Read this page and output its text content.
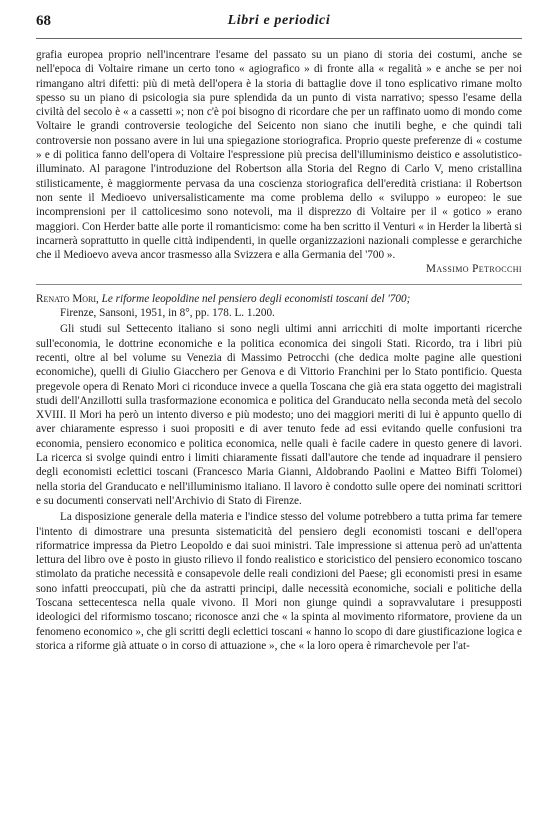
68	Libri e periodici

grafia europea proprio nell'incentrare l'esame del passato su un piano di storia dei costumi, anche se nell'epoca di Voltaire rimane un certo tono « agiografico » di fronte alla « regalità » e anche se per noi rimangano altri difetti: più di metà dell'opera è la storia di battaglie dove il tono esplicativo rimane molto spesso su un piano di psicologia sia pure splendida da un punto di vista narrativo; spesso l'esame della civiltà del secolo è « a cassetti »; non c'è poi bisogno di ricordare che per un raffinato uomo di mondo come Voltaire le grandi controversie teologiche del Seicento non siano che inutili beghe, e che quindi tali controversie non possano avere in lui una spiegazione storiografica. Proprio queste preferenze di « costume » e di politica fanno dell'opera di Voltaire l'espressione più precisa dell'illuminismo deistico e assolutistico-illuminato. Al paragone l'introduzione del Robertson alla Storia del Regno di Carlo V, meno cristallina stilisticamente, è maggiormente pervasa da una coscienza storiografica dell'eredità cristiana: il Robertson non sente il Medioevo universalisticamente ma come problema dello « sviluppo » europeo: le sue incomprensioni per il cattolicesimo sono notevoli, ma il disprezzo di Voltaire per il « gotico » erano maggiori. Con Herder batte alle porte il romanticismo: come ha ben scritto il Venturi « in Herder la libertà si incarnerà soprattutto in quelle città indipendenti, in quelle organizzazioni nazionali complesse e gerarchiche che il Medioevo aveva ancor trasmesso alla Svizzera e alla Germania del '700 ».

Massimo Petrocchi

Renato Mori, Le riforme leopoldine nel pensiero degli economisti toscani del '700;
Firenze, Sansoni, 1951, in 8°, pp. 178. L. 1.200.

Gli studi sul Settecento italiano si sono negli ultimi anni arricchiti di molte importanti ricerche sull'economia, le dottrine economiche e la politica economica dei singoli Stati. Ricordo, tra i libri più recenti, oltre al bel volume su Venezia di Massimo Petrocchi (che dedica molte pagine alle questioni economiche), quelli di Giulio Giacchero per Genova e di Vittorio Franchini per lo Stato pontificio. Questa pregevole opera di Renato Mori ci riconduce invece a quella Toscana che già era stata oggetto dei magistrali studi dell'Anzillotti sulla trasformazione economica e politica del Granducato nella seconda metà del secolo XVIII. Il Mori ha però un intento diverso e più modesto; uno dei maggiori meriti di lui è appunto quello di aver chiaramente espresso i suoi propositi e di aver tenuto fede ad essi evitando quelle confusioni tra economia, pensiero economico e politica economica, nelle quali è facile cadere in questo genere di lavori. La ricerca si svolge quindi entro i limiti chiaramente fissati dall'autore che tende ad inquadrare il pensiero degli economisti eclettici toscani (Francesco Maria Gianni, Aldobrando Paolini e Matteo Biffi Tolomei) nella storia del Granducato e nell'illuminismo italiano. Il lavoro è condotto sulle opere dei nominati scrittori e su documenti conservati nell'Archivio di Stato di Firenze.

La disposizione generale della materia e l'indice stesso del volume potrebbero a tutta prima far temere l'intento di dimostrare una presunta sistematicità del pensiero degli economisti toscani e dell'opera riformatrice impressa da Pietro Leopoldo e dai suoi ministri. Tale impressione si attenua però ad un'attenta lettura del libro ove è posto in giusto rilievo il fondo realistico e storicistico del pensiero economico toscano stimolato da pratiche necessità e consapevole delle reali condizioni del Paese; gli economisti presi in esame sono infatti preoccupati, più che da astratti principi, dalle necessità economiche, sociali e politiche della Toscana settecentesca nella quale vivono. Il Mori non giunge quindi a sopravvalutare i presupposti ideologici del riformismo toscano; riconosce anzi che « la spinta al movimento riformatore, proviene da un fenomeno economico », che gli scritti degli eclettici toscani « hanno lo scopo di dare giustificazione logica e storica a riforme già attuate o in corso di attuazione », che « la loro opera è rimarchevole per l'at-
